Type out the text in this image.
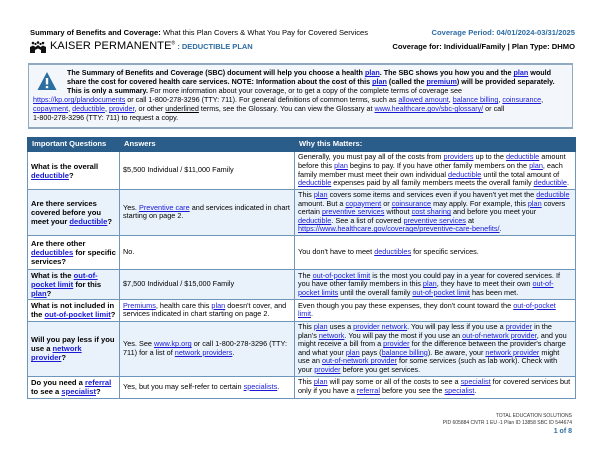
Summary of Benefits and Coverage: What this Plan Covers & What You Pay for Covered Services	Coverage Period: 04/01/2024-03/31/2025
KAISER PERMANENTE® : DEDUCTIBLE PLAN	Coverage for: Individual/Family | Plan Type: DHMO
The Summary of Benefits and Coverage (SBC) document will help you choose a health plan. The SBC shows you how you and the plan would share the cost for covered health care services. NOTE: Information about the cost of this plan (called the premium) will be provided separately. This is only a summary. For more information about your coverage, or to get a copy of the complete terms of coverage see
https://kp.org/plandocuments or call 1-800-278-3296 (TTY: 711). For general definitions of common terms, such as allowed amount, balance billing, coinsurance, copayment, deductible, provider, or other underlined terms, see the Glossary. You can view the Glossary at www.healthcare.gov/sbc-glossary/ or call
1-800-278-3296 (TTY: 711) to request a copy.
Important Questions	Answers	Why this Matters:
What is the overall deductible?	$5,500 Individual / $11,000 Family	Generally, you must pay all of the costs from providers up to the deductible amount before this plan begins to pay. If you have other family members on the plan, each family member must meet their own individual deductible until the total amount of deductible expenses paid by all family members meets the overall family deductible.
Are there services covered before you meet your deductible?	Yes. Preventive care and services indicated in chart starting on page 2.	This plan covers some items and services even if you haven't yet met the deductible amount. But a copayment or coinsurance may apply. For example, this plan covers certain preventive services without cost sharing and before you meet your deductible. See a list of covered preventive services at https://www.healthcare.gov/coverage/preventive-care-benefits/.
Are there other deductibles for specific services?	No.	You don't have to meet deductibles for specific services.
What is the out-of-pocket limit for this plan?	$7,500 Individual / $15,000 Family	The out-of-pocket limit is the most you could pay in a year for covered services. If you have other family members in this plan, they have to meet their own out-of-pocket limits until the overall family out-of-pocket limit has been met.
What is not included in the out-of-pocket limit?	Premiums, health care this plan doesn't cover, and services indicated in chart starting on page 2.	Even though you pay these expenses, they don't count toward the out-of-pocket limit.
Will you pay less if you use a network provider?	Yes. See www.kp.org or call 1-800-278-3296 (TTY: 711) for a list of network providers.	This plan uses a provider network. You will pay less if you use a provider in the plan's network. You will pay the most if you use an out-of-network provider, and you might receive a bill from a provider for the difference between the provider's charge and what your plan pays (balance billing). Be aware, your network provider might use an out-of-network provider for some services (such as lab work). Check with your provider before you get services.
Do you need a referral to see a specialist?	Yes, but you may self-refer to certain specialists.	This plan will pay some or all of the costs to see a specialist for covered services but only if you have a referral before you see the specialist.
TOTAL EDUCATION SOLUTIONS
PID 605884 CNTR 1 EU -1 Plan ID 13858 SBC ID 544674
1 of 8
